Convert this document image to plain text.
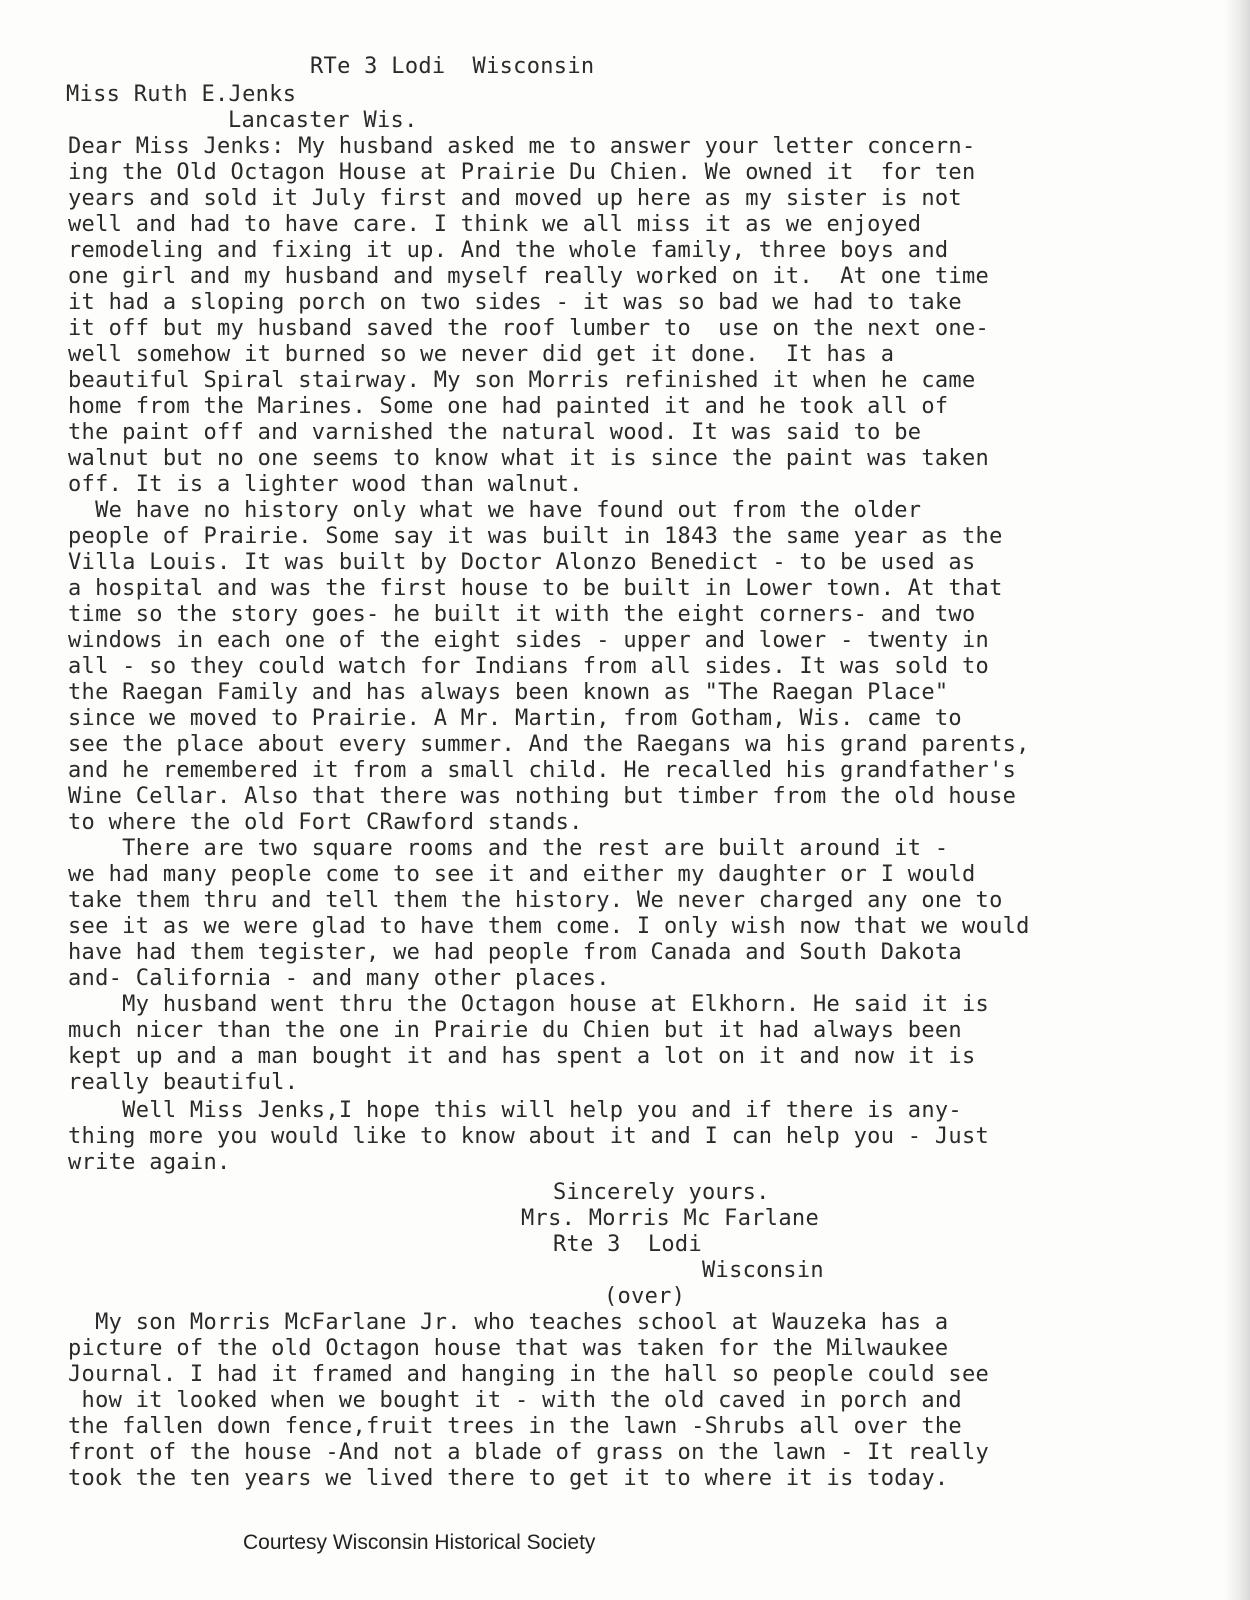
RTe 3 Lodi  Wisconsin
Miss Ruth E.Jenks
Lancaster Wis.
Dear Miss Jenks: My husband asked me to answer your letter concern-
ing the Old Octagon House at Prairie Du Chien. We owned it  for ten
years and sold it July first and moved up here as my sister is not
well and had to have care. I think we all miss it as we enjoyed
remodeling and fixing it up. And the whole family, three boys and
one girl and my husband and myself really worked on it.  At one time
it had a sloping porch on two sides - it was so bad we had to take
it off but my husband saved the roof lumber to  use on the next one-
well somehow it burned so we never did get it done.  It has a
beautiful Spiral stairway. My son Morris refinished it when he came
home from the Marines. Some one had painted it and he took all of
the paint off and varnished the natural wood. It was said to be
walnut but no one seems to know what it is since the paint was taken
off. It is a lighter wood than walnut.
We have no history only what we have found out from the older
people of Prairie. Some say it was built in 1843 the same year as the
Villa Louis. It was built by Doctor Alonzo Benedict - to be used as
a hospital and was the first house to be built in Lower town. At that
time so the story goes- he built it with the eight corners- and two
windows in each one of the eight sides - upper and lower - twenty in
all - so they could watch for Indians from all sides. It was sold to
the Raegan Family and has always been known as "The Raegan Place"
since we moved to Prairie. A Mr. Martin, from Gotham, Wis. came to
see the place about every summer. And the Raegans wa his grand parents,
and he remembered it from a small child. He recalled his grandfather's
Wine Cellar. Also that there was nothing but timber from the old house
to where the old Fort CRawford stands.
There are two square rooms and the rest are built around it -
we had many people come to see it and either my daughter or I would
take them thru and tell them the history. We never charged any one to
see it as we were glad to have them come. I only wish now that we would
have had them tegister, we had people from Canada and South Dakota
and- California - and many other places.
My husband went thru the Octagon house at Elkhorn. He said it is
much nicer than the one in Prairie du Chien but it had always been
kept up and a man bought it and has spent a lot on it and now it is
really beautiful.
Well Miss Jenks,I hope this will help you and if there is any-
thing more you would like to know about it and I can help you - Just
write again.
Sincerely yours.
Mrs. Morris Mc Farlane
Rte 3  Lodi
Wisconsin
(over)
My son Morris McFarlane Jr. who teaches school at Wauzeka has a
picture of the old Octagon house that was taken for the Milwaukee
Journal. I had it framed and hanging in the hall so people could see
how it looked when we bought it - with the old caved in porch and
the fallen down fence,fruit trees in the lawn -Shrubs all over the
front of the house -And not a blade of grass on the lawn - It really
took the ten years we lived there to get it to where it is today.
Courtesy Wisconsin Historical Society
